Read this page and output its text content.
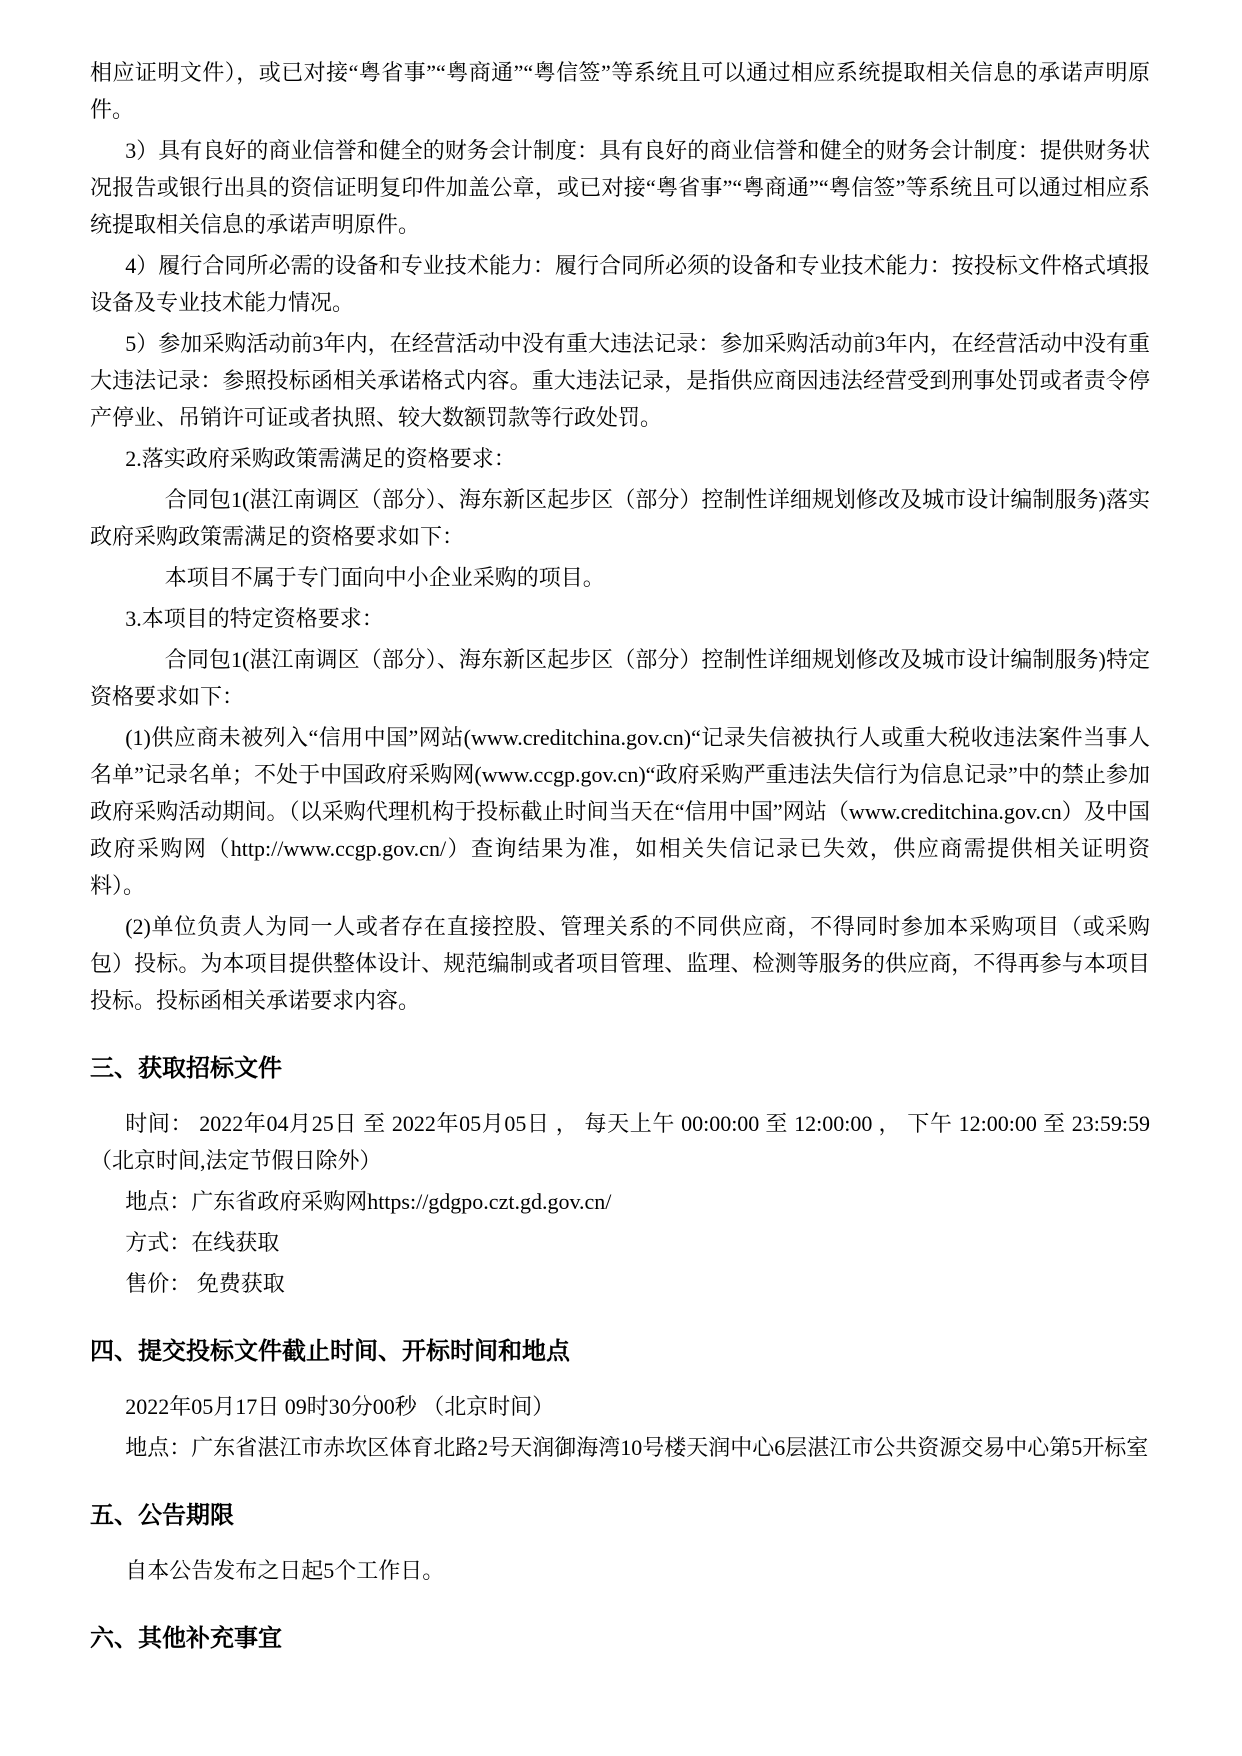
相应证明文件），或已对接“粤省事”“粤商通”“粤信签”等系统且可以通过相应系统提取相关信息的承诺声明原件。

3）具有良好的商业信誉和健全的财务会计制度：具有良好的商业信誉和健全的财务会计制度：提供财务状况报告或银行出具的资信证明复印件加盖公章，或已对接“粤省事”“粤商通”“粤信签”等系统且可以通过相应系统提取相关信息的承诺声明原件。

4）履行合同所必需的设备和专业技术能力：履行合同所必须的设备和专业技术能力：按投标文件格式填报设备及专业技术能力情况。

5）参加采购活动前3年内，在经营活动中没有重大违法记录：参加采购活动前3年内，在经营活动中没有重大违法记录：参照投标函相关承诺格式内容。重大违法记录，是指供应商因违法经营受到刑事处罚或者责令停产停业、吊销许可证或者执照、较大数额罚款等行政处罚。

2.落实政府采购政策需满足的资格要求：

合同包1(湛江南调区（部分）、海东新区起步区（部分）控制性详细规划修改及城市设计编制服务)落实政府采购政策需满足的资格要求如下：

本项目不属于专门面向中小企业采购的项目。

3.本项目的特定资格要求：

合同包1(湛江南调区（部分）、海东新区起步区（部分）控制性详细规划修改及城市设计编制服务)特定资格要求如下：

(1)供应商未被列入“信用中国”网站(www.creditchina.gov.cn)“记录失信被执行人或重大税收违法案件当事人名单”记录名单；不处于中国政府采购网(www.ccgp.gov.cn)“政府采购严重违法失信行为信息记录”中的禁止参加政府采购活动期间。（以采购代理机构于投标截止时间当天在“信用中国”网站（www.creditchina.gov.cn）及中国政府采购网（http://www.ccgp.gov.cn/）查询结果为准，如相关失信记录已失效，供应商需提供相关证明资料）。

(2)单位负责人为同一人或者存在直接控股、管理关系的不同供应商，不得同时参加本采购项目（或采购包）投标。为本项目提供整体设计、规范编制或者项目管理、监理、检测等服务的供应商，不得再参与本项目投标。投标函相关承诺要求内容。

三、获取招标文件

时间： 2022年04月25日 至 2022年05月05日 ， 每天上午 00:00:00 至 12:00:00 ， 下午 12:00:00 至 23:59:59 （北京时间,法定节假日除外）

地点：广东省政府采购网https://gdgpo.czt.gd.gov.cn/

方式：在线获取

售价： 免费获取

四、提交投标文件截止时间、开标时间和地点

2022年05月17日 09时30分00秒 （北京时间）

地点：广东省湛江市赤坎区体育北路2号天润御海湾10号楼天润中心6层湛江市公共资源交易中心第5开标室

五、公告期限

自本公告发布之日起5个工作日。

六、其他补充事宜
